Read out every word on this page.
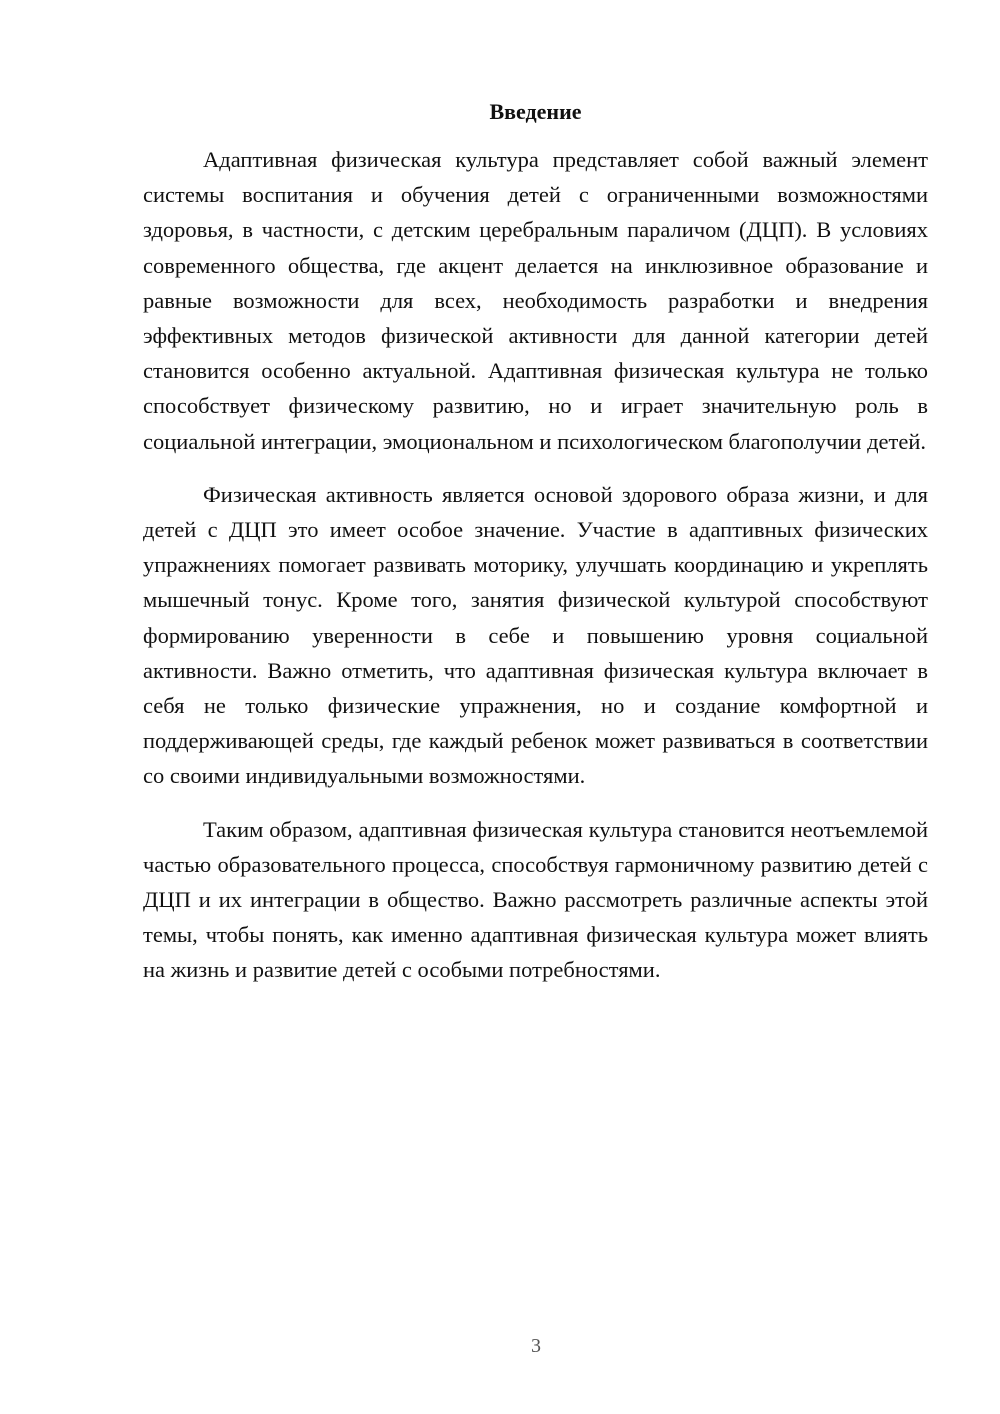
Введение

Адаптивная физическая культура представляет собой важный элемент системы воспитания и обучения детей с ограниченными возможностями здоровья, в частности, с детским церебральным параличом (ДЦП). В условиях современного общества, где акцент делается на инклюзивное образование и равные возможности для всех, необходимость разработки и внедрения эффективных методов физической активности для данной категории детей становится особенно актуальной. Адаптивная физическая культура не только способствует физическому развитию, но и играет значительную роль в социальной интеграции, эмоциональном и психологическом благополучии детей.

Физическая активность является основой здорового образа жизни, и для детей с ДЦП это имеет особое значение. Участие в адаптивных физических упражнениях помогает развивать моторику, улучшать координацию и укреплять мышечный тонус. Кроме того, занятия физической культурой способствуют формированию уверенности в себе и повышению уровня социальной активности. Важно отметить, что адаптивная физическая культура включает в себя не только физические упражнения, но и создание комфортной и поддерживающей среды, где каждый ребенок может развиваться в соответствии со своими индивидуальными возможностями.

Таким образом, адаптивная физическая культура становится неотъемлемой частью образовательного процесса, способствуя гармоничному развитию детей с ДЦП и их интеграции в общество. Важно рассмотреть различные аспекты этой темы, чтобы понять, как именно адаптивная физическая культура может влиять на жизнь и развитие детей с особыми потребностями.

3
